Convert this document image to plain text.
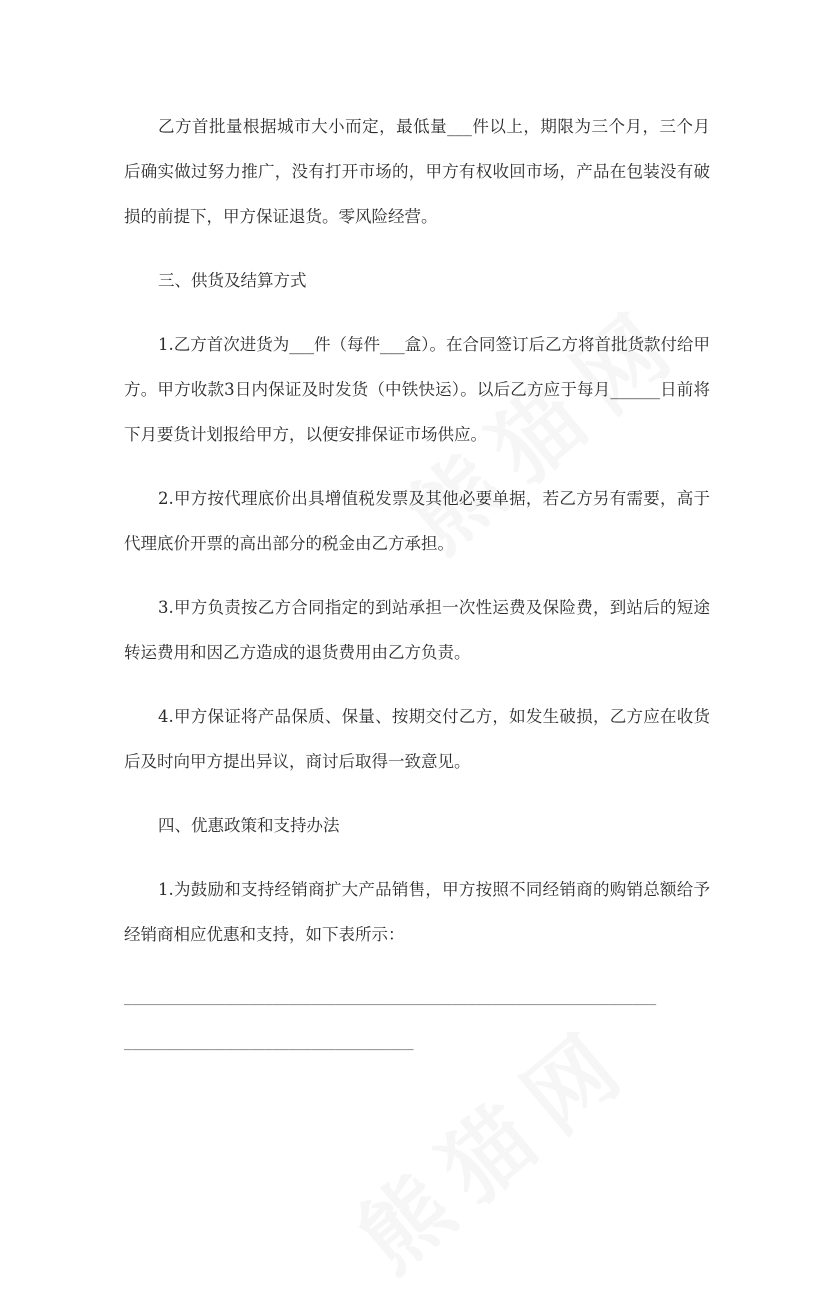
乙方首批量根据城市大小而定，最低量___件以上，期限为三个月，三个月后确实做过努力推广，没有打开市场的，甲方有权收回市场，产品在包装没有破损的前提下，甲方保证退货。零风险经营。

三、供货及结算方式

1.乙方首次进货为___件（每件___盒）。在合同签订后乙方将首批货款付给甲方。甲方收款3日内保证及时发货（中铁快运）。以后乙方应于每月______日前将下月要货计划报给甲方，以便安排保证市场供应。

2.甲方按代理底价出具增值税发票及其他必要单据，若乙方另有需要，高于代理底价开票的高出部分的税金由乙方承担。

3.甲方负责按乙方合同指定的到站承担一次性运费及保险费，到站后的短途转运费用和因乙方造成的退货费用由乙方负责。

4.甲方保证将产品保质、保量、按期交付乙方，如发生破损，乙方应在收货后及时向甲方提出异议，商讨后取得一致意见。

四、优惠政策和支持办法

1.为鼓励和支持经销商扩大产品销售，甲方按照不同经销商的购销总额给予经销商相应优惠和支持，如下表所示：

____________________________________________________________________
_____________________________________
